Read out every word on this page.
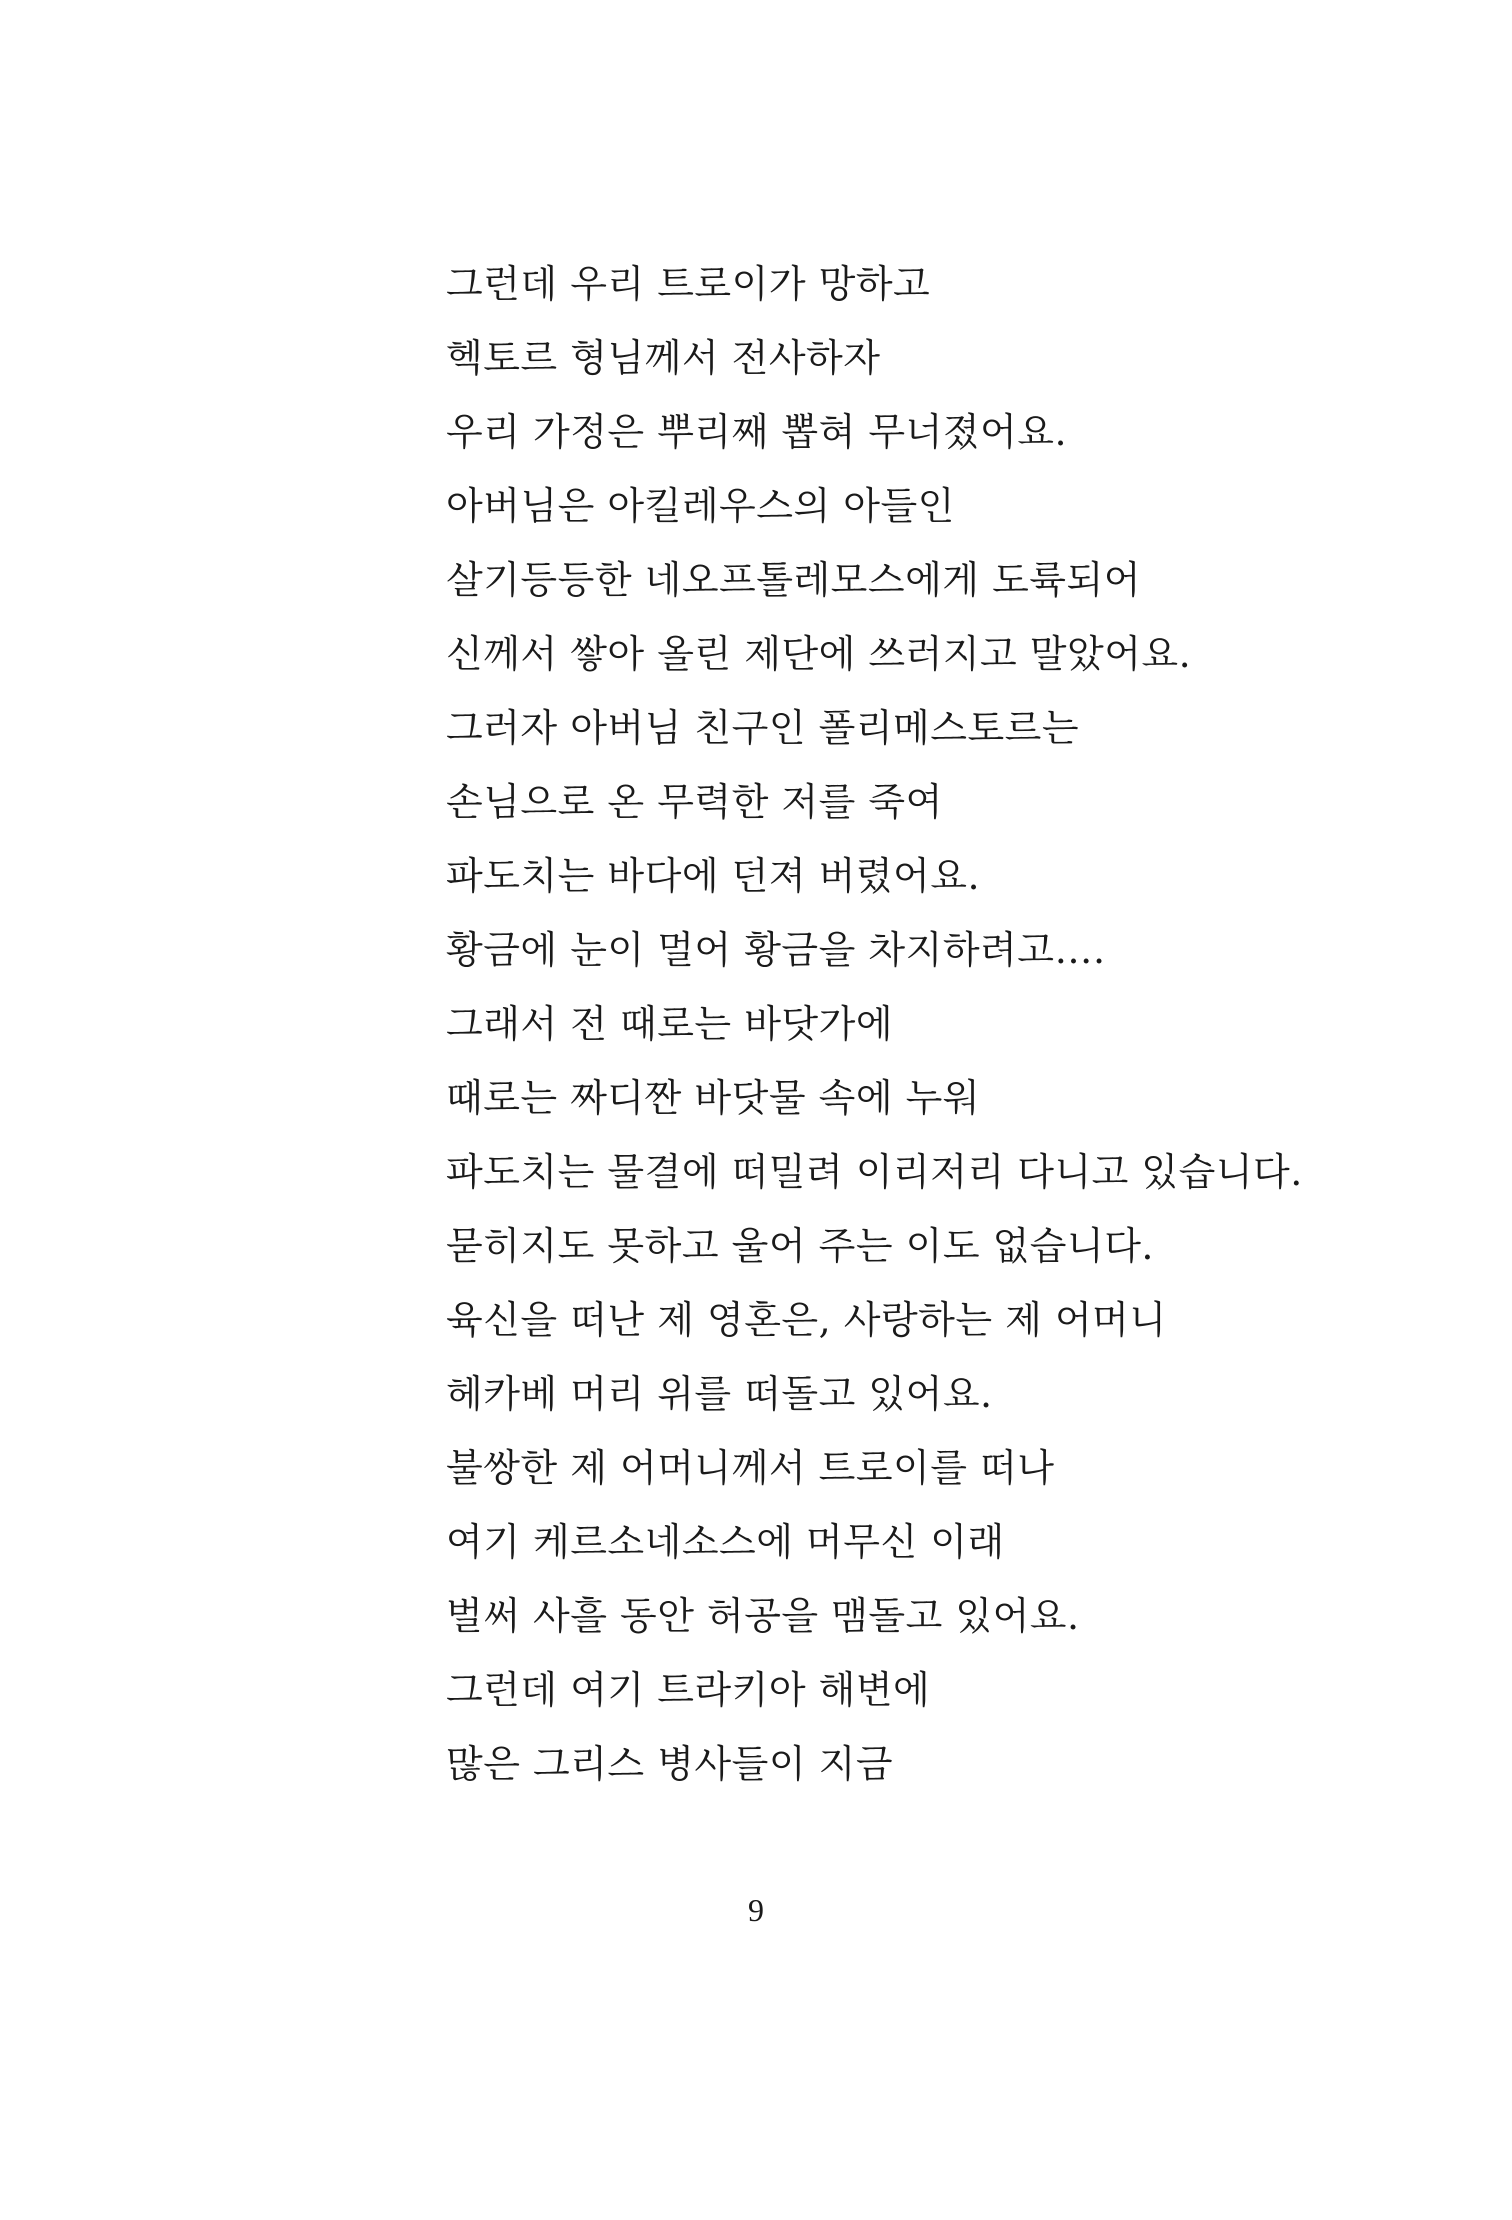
그런데 우리 트로이가 망하고
헥토르 형님께서 전사하자
우리 가정은 뿌리째 뽑혀 무너졌어요.
아버님은 아킬레우스의 아들인
살기등등한 네오프톨레모스에게 도륙되어
신께서 쌓아 올린 제단에 쓰러지고 말았어요.
그러자 아버님 친구인 폴리메스토르는
손님으로 온 무력한 저를 죽여
파도치는 바다에 던져 버렸어요.
황금에 눈이 멀어 황금을 차지하려고….
그래서 전 때로는 바닷가에
때로는 짜디짠 바닷물 속에 누워
파도치는 물결에 떠밀려 이리저리 다니고 있습니다.
묻히지도 못하고 울어 주는 이도 없습니다.
육신을 떠난 제 영혼은, 사랑하는 제 어머니
헤카베 머리 위를 떠돌고 있어요.
불쌍한 제 어머니께서 트로이를 떠나
여기 케르소네소스에 머무신 이래
벌써 사흘 동안 허공을 맴돌고 있어요.
그런데 여기 트라키아 해변에
많은 그리스 병사들이 지금
9
